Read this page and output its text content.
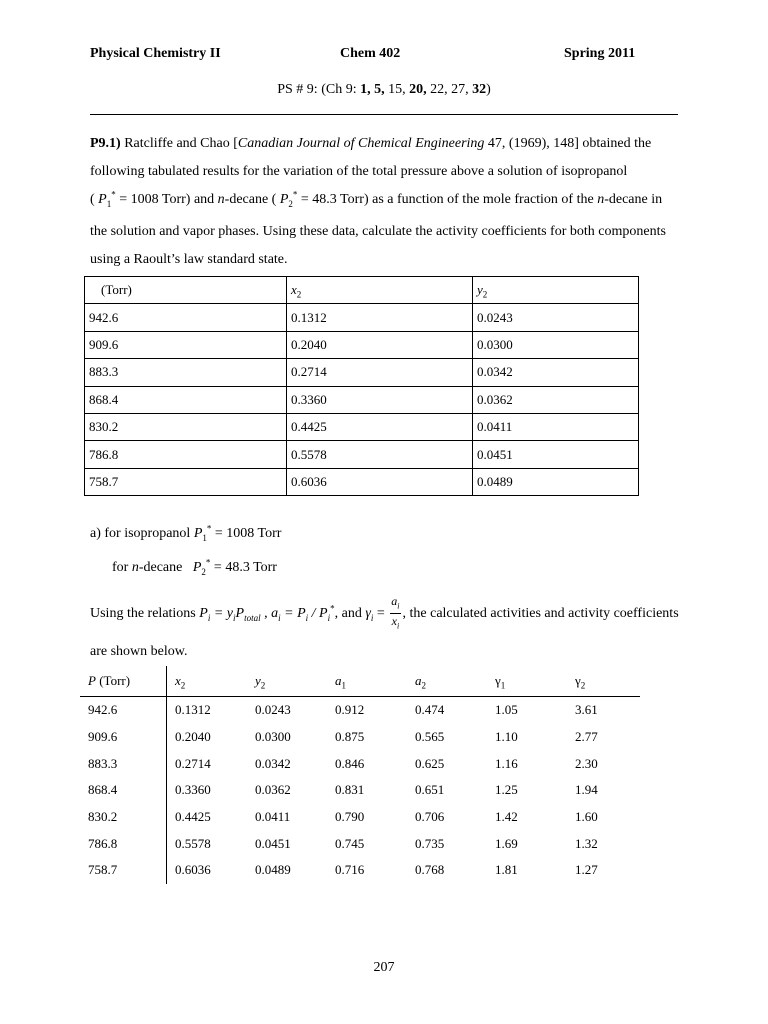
Physical Chemistry II	Chem 402	Spring 2011
PS # 9: (Ch 9: 1, 5, 15, 20, 22, 27, 32)
P9.1) Ratcliffe and Chao [Canadian Journal of Chemical Engineering 47, (1969), 148] obtained the
following tabulated results for the variation of the total pressure above a solution of isopropanol
( $P_1^* = 1008$ Torr) and n-decane ( $P_2^* = 48.3$ Torr) as a function of the mole fraction of the n-decane in
the solution and vapor phases. Using these data, calculate the activity coefficients for both components
using a Raoult’s law standard state.
(Torr)	$x_2$	$y_2$
942.6	0.1312	0.0243
909.6	0.2040	0.0300
883.3	0.2714	0.0342
868.4	0.3360	0.0362
830.2	0.4425	0.0411
786.8	0.5578	0.0451
758.7	0.6036	0.0489
a) for isopropanol $P_1^* = 1008$ Torr
for n-decane   $P_2^* = 48.3$ Torr
Using the relations $P_i = y_iP_{total}$ , $a_i = P_i / P_i^*$, and $\gamma_i = \frac{a_i}{x_i}$ , the calculated activities and activity coefficients
are shown below.
P (Torr)	$x_2$	$y_2$	$a_1$	$a_2$	$\gamma_1$	$\gamma_2$
942.6	0.1312	0.0243	0.912	0.474	1.05	3.61
909.6	0.2040	0.0300	0.875	0.565	1.10	2.77
883.3	0.2714	0.0342	0.846	0.625	1.16	2.30
868.4	0.3360	0.0362	0.831	0.651	1.25	1.94
830.2	0.4425	0.0411	0.790	0.706	1.42	1.60
786.8	0.5578	0.0451	0.745	0.735	1.69	1.32
758.7	0.6036	0.0489	0.716	0.768	1.81	1.27
207
